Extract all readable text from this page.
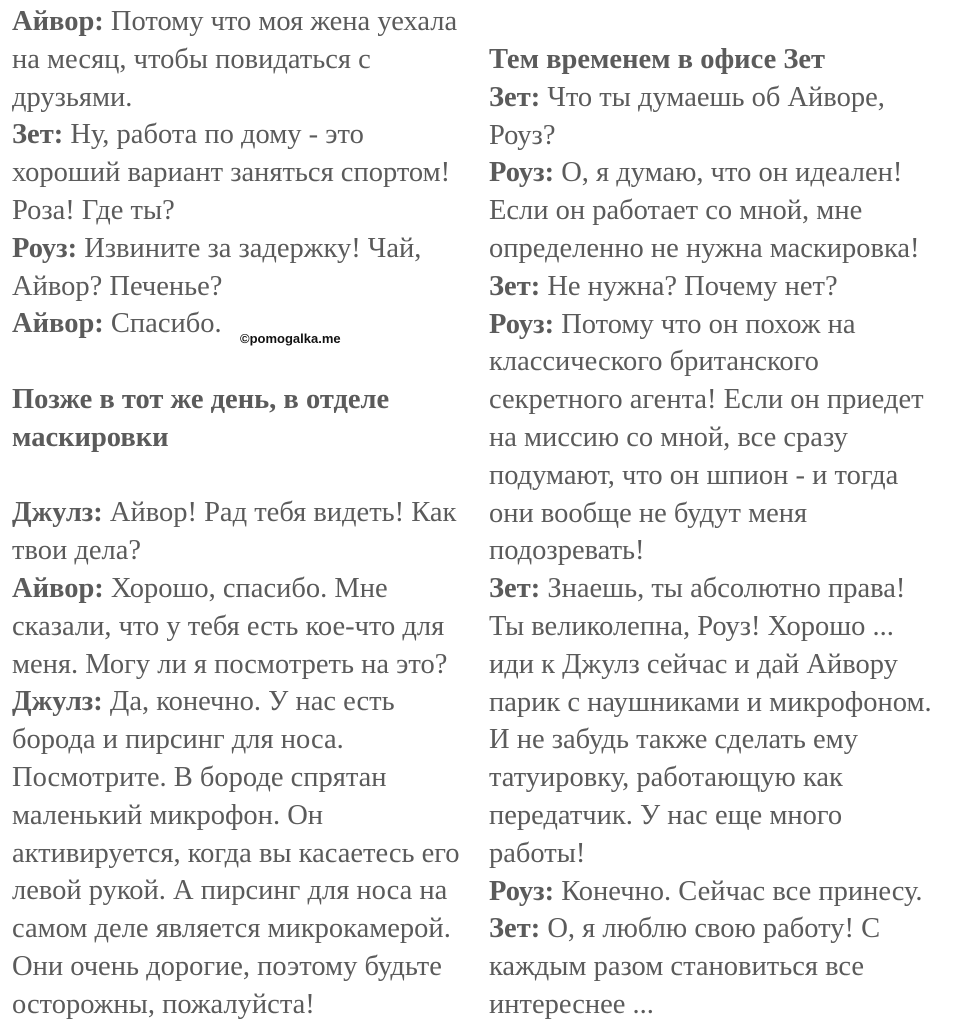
Айвор: Потому что моя жена уехала
на месяц, чтобы повидаться с
друзьями.

Зет: Ну, работа по дому - это
хороший вариант заняться спортом!
Роза! Где ты?

Роуз: Извините за задержку! Чай,
Айвор? Печенье?

Айвор: Спасибо.

Позже в тот же день, в отделе
маскировки

Джулз: Айвор! Рад тебя видеть! Как
твои дела?

Айвор: Хорошо, спасибо. Мне
сказали, что у тебя есть кое-что для
меня. Могу ли я посмотреть на это?

Джулз: Да, конечно. У нас есть
борода и пирсинг для носа.
Посмотрите. В бороде спрятан
маленький микрофон. Он
активируется, когда вы касаетесь его
левой рукой. А пирсинг для носа на
самом деле является микрокамерой.
Они очень дорогие, поэтому будьте
осторожны, пожалуйста!

Тем временем в офисе Зет

Зет: Что ты думаешь об Айворе,
Роуз?

Роуз: О, я думаю, что он идеален!
Если он работает со мной, мне
определенно не нужна маскировка!

Зет: Не нужна? Почему нет?

Роуз: Потому что он похож на
классического британского
секретного агента! Если он приедет
на миссию со мной, все сразу
подумают, что он шпион - и тогда
они вообще не будут меня
подозревать!

Зет: Знаешь, ты абсолютно права!
Ты великолепна, Роуз! Хорошо ...
иди к Джулз сейчас и дай Айвору
парик с наушниками и микрофоном.
И не забудь также сделать ему
татуировку, работающую как
передатчик. У нас еще много
работы!

Роуз: Конечно. Сейчас все принесу.

Зет: О, я люблю свою работу! С
каждым разом становиться все
интереснее ...

©pomogalka.me
